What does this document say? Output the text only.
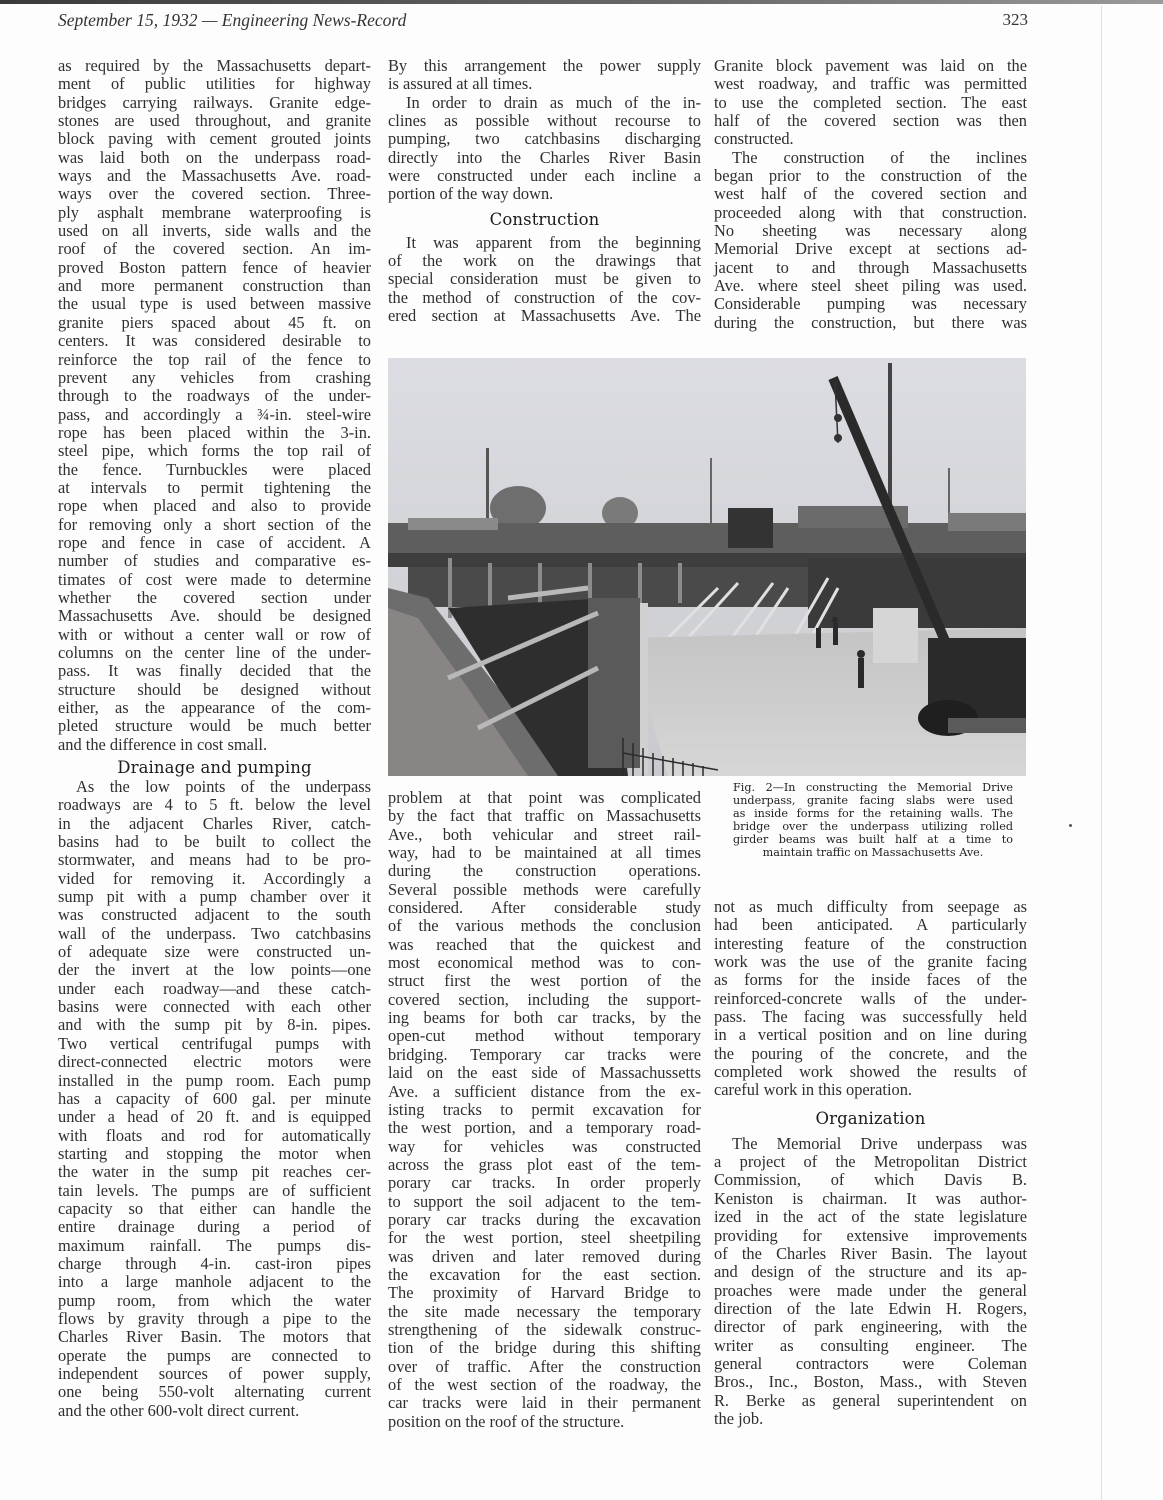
September 15, 1932 — Engineering News-Record	323
as required by the Massachusetts depart-
ment of public utilities for highway
bridges carrying railways. Granite edge-
stones are used throughout, and granite
block paving with cement grouted joints
was laid both on the underpass road-
ways and the Massachusetts Ave. road-
ways over the covered section. Three-
ply asphalt membrane waterproofing is
used on all inverts, side walls and the
roof of the covered section. An im-
proved Boston pattern fence of heavier
and more permanent construction than
the usual type is used between massive
granite piers spaced about 45 ft. on
centers. It was considered desirable to
reinforce the top rail of the fence to
prevent any vehicles from crashing
through to the roadways of the under-
pass, and accordingly a ¾-in. steel-wire
rope has been placed within the 3-in.
steel pipe, which forms the top rail of
the fence. Turnbuckles were placed
at intervals to permit tightening the
rope when placed and also to provide
for removing only a short section of the
rope and fence in case of accident. A
number of studies and comparative es-
timates of cost were made to determine
whether the covered section under
Massachusetts Ave. should be designed
with or without a center wall or row of
columns on the center line of the under-
pass. It was finally decided that the
structure should be designed without
either, as the appearance of the com-
pleted structure would be much better
and the difference in cost small.
Drainage and pumping
As the low points of the underpass
roadways are 4 to 5 ft. below the level
in the adjacent Charles River, catch-
basins had to be built to collect the
stormwater, and means had to be pro-
vided for removing it. Accordingly a
sump pit with a pump chamber over it
was constructed adjacent to the south
wall of the underpass. Two catchbasins
of adequate size were constructed un-
der the invert at the low points—one
under each roadway—and these catch-
basins were connected with each other
and with the sump pit by 8-in. pipes.
Two vertical centrifugal pumps with
direct-connected electric motors were
installed in the pump room. Each pump
has a capacity of 600 gal. per minute
under a head of 20 ft. and is equipped
with floats and rod for automatically
starting and stopping the motor when
the water in the sump pit reaches cer-
tain levels. The pumps are of sufficient
capacity so that either can handle the
entire drainage during a period of
maximum rainfall. The pumps dis-
charge through 4-in. cast-iron pipes
into a large manhole adjacent to the
pump room, from which the water
flows by gravity through a pipe to the
Charles River Basin. The motors that
operate the pumps are connected to
independent sources of power supply,
one being 550-volt alternating current
and the other 600-volt direct current.
By this arrangement the power supply
is assured at all times.
In order to drain as much of the in-
clines as possible without recourse to
pumping, two catchbasins discharging
directly into the Charles River Basin
were constructed under each incline a
portion of the way down.
Construction
It was apparent from the beginning
of the work on the drawings that
special consideration must be given to
the method of construction of the cov-
ered section at Massachusetts Ave. The
Fig. 2—In constructing the Memorial Drive
underpass, granite facing slabs were used
as inside forms for the retaining walls. The
bridge over the underpass utilizing rolled
girder beams was built half at a time to
maintain traffic on Massachusetts Ave.
problem at that point was complicated
by the fact that traffic on Massachusetts
Ave., both vehicular and street rail-
way, had to be maintained at all times
during the construction operations.
Several possible methods were carefully
considered. After considerable study
of the various methods the conclusion
was reached that the quickest and
most economical method was to con-
struct first the west portion of the
covered section, including the support-
ing beams for both car tracks, by the
open-cut method without temporary
bridging. Temporary car tracks were
laid on the east side of Massachussetts
Ave. a sufficient distance from the ex-
isting tracks to permit excavation for
the west portion, and a temporary road-
way for vehicles was constructed
across the grass plot east of the tem-
porary car tracks. In order properly
to support the soil adjacent to the tem-
porary car tracks during the excavation
for the west portion, steel sheetpiling
was driven and later removed during
the excavation for the east section.
The proximity of Harvard Bridge to
the site made necessary the temporary
strengthening of the sidewalk construc-
tion of the bridge during this shifting
over of traffic. After the construction
of the west section of the roadway, the
car tracks were laid in their permanent
position on the roof of the structure.
Granite block pavement was laid on the
west roadway, and traffic was permitted
to use the completed section. The east
half of the covered section was then
constructed.
The construction of the inclines
began prior to the construction of the
west half of the covered section and
proceeded along with that construction.
No sheeting was necessary along
Memorial Drive except at sections ad-
jacent to and through Massachusetts
Ave. where steel sheet piling was used.
Considerable pumping was necessary
during the construction, but there was
not as much difficulty from seepage as
had been anticipated. A particularly
interesting feature of the construction
work was the use of the granite facing
as forms for the inside faces of the
reinforced-concrete walls of the under-
pass. The facing was successfully held
in a vertical position and on line during
the pouring of the concrete, and the
completed work showed the results of
careful work in this operation.
Organization
The Memorial Drive underpass was
a project of the Metropolitan District
Commission, of which Davis B.
Keniston is chairman. It was author-
ized in the act of the state legislature
providing for extensive improvements
of the Charles River Basin. The layout
and design of the structure and its ap-
proaches were made under the general
direction of the late Edwin H. Rogers,
director of park engineering, with the
writer as consulting engineer. The
general contractors were Coleman
Bros., Inc., Boston, Mass., with Steven
R. Berke as general superintendent on
the job.
